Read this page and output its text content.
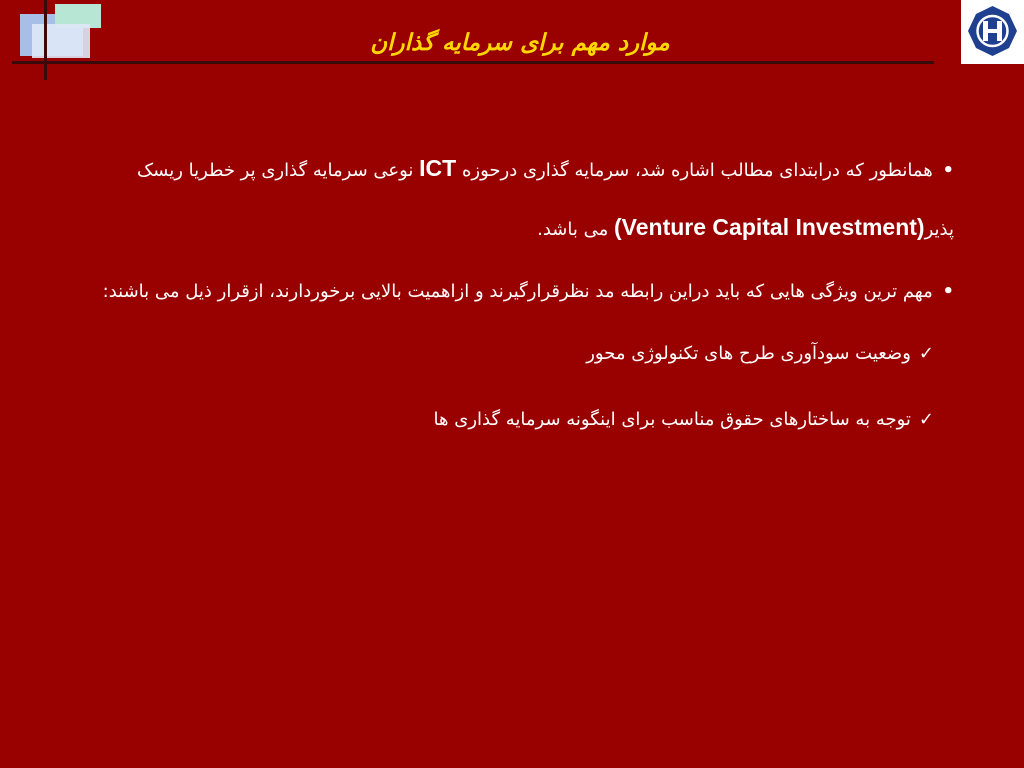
موارد مهم برای سرمایه گذاران

• همانطور که درابتدای مطالب اشاره شد، سرمایه گذاری درحوزه ICT نوعی سرمایه گذاری پر خطریا ریسک پذیر(Venture Capital Investment) می باشد.

• مهم ترین ویژگی هایی که باید دراین رابطه مد نظرقرارگیرند و ازاهمیت بالایی برخوردارند، ازقرار ذیل می باشند:

✓وضعیت سودآوری طرح های تکنولوژی محور

✓توجه به ساختارهای حقوق مناسب برای اینگونه سرمایه گذاری ها
